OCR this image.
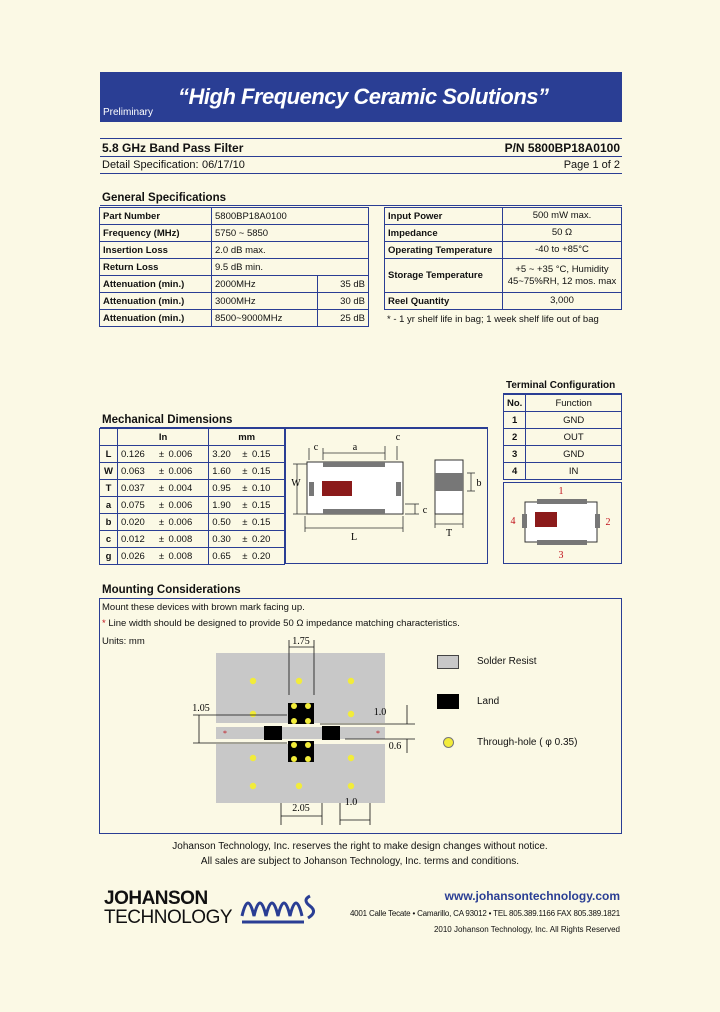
“High Frequency Ceramic Solutions”
Preliminary
5.8 GHz Band Pass Filter	P/N 5800BP18A0100
Detail Specification: 06/17/10	Page 1 of 2
General Specifications
Part Number	5800BP18A0100	
Frequency (MHz)	5750 ~ 5850	
Insertion Loss	2.0 dB max.	
Return Loss	9.5 dB min.	
Attenuation (min.)	2000MHz	35 dB
Attenuation (min.)	3000MHz	30 dB
Attenuation (min.)	8500~9000MHz	25 dB
Input Power	500 mW max.
Impedance	50 Ω
Operating Temperature	-40 to +85°C
Storage Temperature	+5 ~ +35 °C, Humidity 45~75%RH, 12 mos. max
Reel Quantity	3,000
* - 1 yr shelf life in bag; 1 week shelf life out of bag
Terminal Configuration
No.	Function
1	GND
2	OUT
3	GND
4	IN
1
2
3
4
Mechanical Dimensions
	In			mm		
L	0.126	±	0.006	3.20	±	0.15
W	0.063	±	0.006	1.60	±	0.15
T	0.037	±	0.004	0.95	±	0.10
a	0.075	±	0.006	1.90	±	0.15
b	0.020	±	0.006	0.50	±	0.15
c	0.012	±	0.008	0.30	±	0.20
g	0.026	±	0.008	0.65	±	0.20
c	a
c
W
c
L
b
T
Mounting Considerations
Mount these devices with brown mark facing up.
* Line width should be designed to provide 50 Ω impedance matching characteristics.
Units: mm
*	*
1.75
1.05	1.0
0.6
2.05
1.0
Solder Resist
Land
Through-hole ( φ 0.35)
Johanson Technology, Inc. reserves the right to make design changes without notice.
All sales are subject to Johanson Technology, Inc. terms and conditions.
JOHANSON
TECHNOLOGY
www.johansontechnology.com
4001 Calle Tecate • Camarillo, CA 93012 • TEL 805.389.1166 FAX 805.389.1821
2010 Johanson Technology, Inc. All Rights Reserved
